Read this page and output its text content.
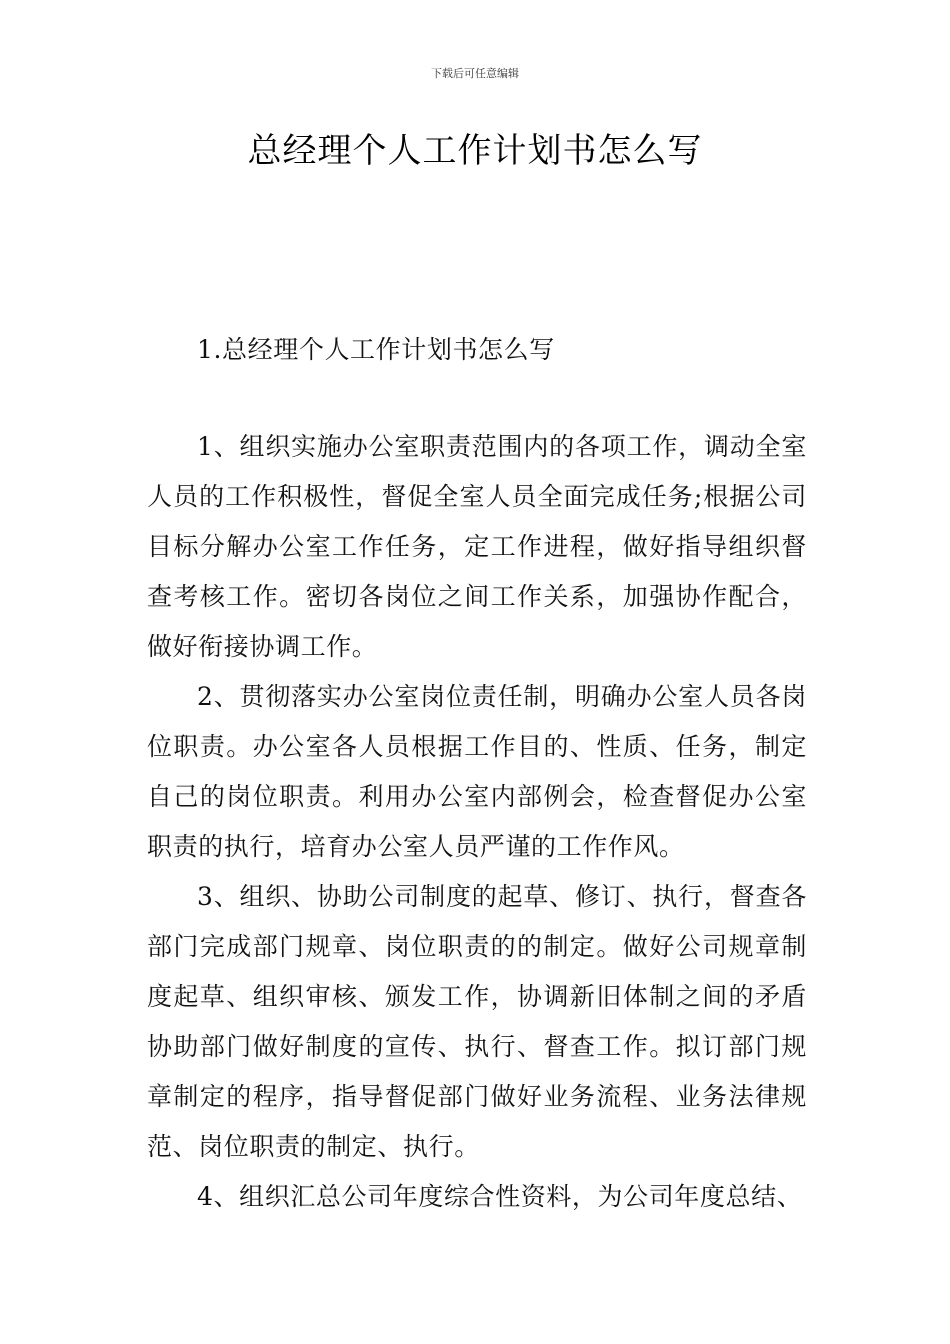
下载后可任意编辑
总经理个人工作计划书怎么写
1.总经理个人工作计划书怎么写

1、组织实施办公室职责范围内的各项工作，调动全室人员的工作积极性，督促全室人员全面完成任务;根据公司目标分解办公室工作任务，定工作进程，做好指导组织督查考核工作。密切各岗位之间工作关系，加强协作配合，做好衔接协调工作。

2、贯彻落实办公室岗位责任制，明确办公室人员各岗位职责。办公室各人员根据工作目的、性质、任务，制定自己的岗位职责。利用办公室内部例会，检查督促办公室职责的执行，培育办公室人员严谨的工作作风。

3、组织、协助公司制度的起草、修订、执行，督查各部门完成部门规章、岗位职责的的制定。做好公司规章制度起草、组织审核、颁发工作，协调新旧体制之间的矛盾协助部门做好制度的宣传、执行、督查工作。拟订部门规章制定的程序，指导督促部门做好业务流程、业务法律规范、岗位职责的制定、执行。

4、组织汇总公司年度综合性资料，为公司年度总结、
